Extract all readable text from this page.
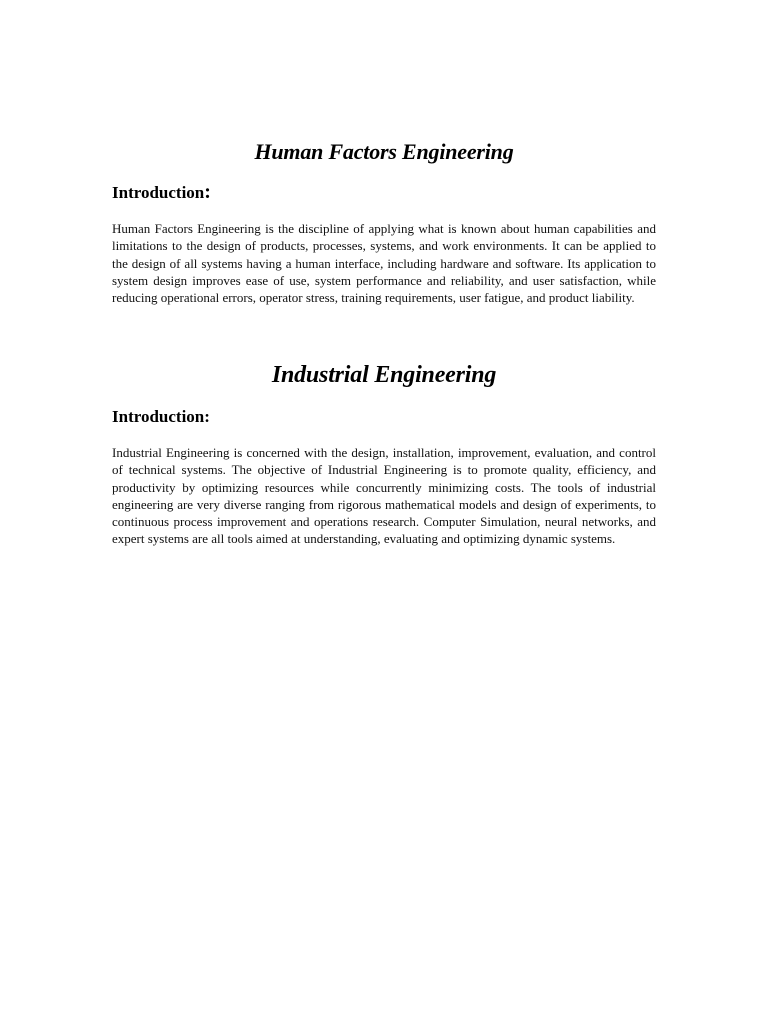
Human Factors Engineering
Introduction:

Human Factors Engineering is the discipline of applying what is known about human capabilities and limitations to the design of products, processes, systems, and work environments. It can be applied to the design of all systems having a human interface, including hardware and software. Its application to system design improves ease of use, system performance and reliability, and user satisfaction, while reducing operational errors, operator stress, training requirements, user fatigue, and product liability.

Industrial Engineering
Introduction:

Industrial Engineering is concerned with the design, installation, improvement, evaluation, and control of technical systems. The objective of Industrial Engineering is to promote quality, efficiency, and productivity by optimizing resources while concurrently minimizing costs. The tools of industrial engineering are very diverse ranging from rigorous mathematical models and design of experiments, to continuous process improvement and operations research. Computer Simulation, neural networks, and expert systems are all tools aimed at understanding, evaluating and optimizing dynamic systems.
